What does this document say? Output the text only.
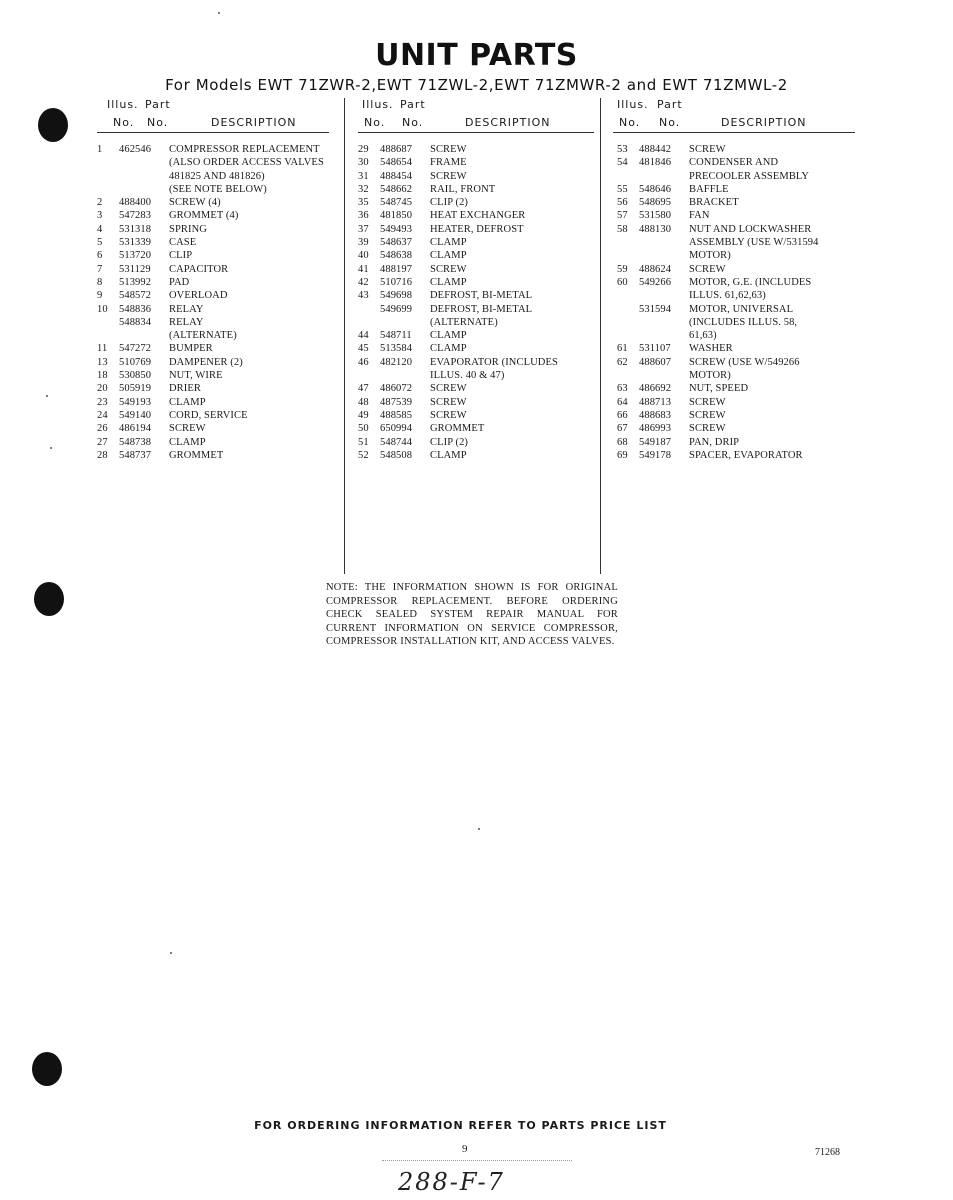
UNIT PARTS
For Models EWT 71ZWR-2,EWT 71ZWL-2,EWT 71ZMWR-2 and EWT 71ZMWL-2
Illus. Part
No. No.	DESCRIPTION
1	462546 COMPRESSOR REPLACEMENT
(ALSO ORDER ACCESS VALVES
481825 AND 481826)
(SEE NOTE BELOW)
2	488400 SCREW (4)
3	547283 GROMMET (4)
4	531318 SPRING
5	531339 CASE
6	513720 CLIP
7	531129 CAPACITOR
8	513992 PAD
9	548572 OVERLOAD
10	548836 RELAY
548834 RELAY
(ALTERNATE)
11	547272 BUMPER
13	510769 DAMPENER (2)
18	530850 NUT, WIRE
20	505919 DRIER
23	549193 CLAMP
24	549140 CORD, SERVICE
26	486194 SCREW
27	548738 CLAMP
28	548737 GROMMET
Illus. Part
No. No.	DESCRIPTION
29	488687 SCREW
30	548654 FRAME
31	488454 SCREW
32	548662 RAIL, FRONT
35	548745 CLIP (2)
36	481850 HEAT EXCHANGER
37	549493 HEATER, DEFROST
39	548637 CLAMP
40	548638 CLAMP
41	488197 SCREW
42	510716 CLAMP
43	549698 DEFROST, BI-METAL
549699 DEFROST, BI-METAL
(ALTERNATE)
44	548711 CLAMP
45	513584 CLAMP
46	482120 EVAPORATOR (INCLUDES
ILLUS. 40 & 47)
47	486072 SCREW
48	487539 SCREW
49	488585 SCREW
50	650994 GROMMET
51	548744 CLIP (2)
52	548508 CLAMP
Illus. Part
No. No.	DESCRIPTION
53	488442 SCREW
54	481846 CONDENSER AND
PRECOOLER ASSEMBLY
55	548646 BAFFLE
56	548695 BRACKET
57	531580 FAN
58	488130 NUT AND LOCKWASHER
ASSEMBLY (USE W/531594
MOTOR)
59	488624 SCREW
60	549266 MOTOR, G.E. (INCLUDES
ILLUS. 61,62,63)
531594 MOTOR, UNIVERSAL
(INCLUDES ILLUS. 58,
61,63)
61	531107 WASHER
62	488607 SCREW (USE W/549266
MOTOR)
63	486692 NUT, SPEED
64	488713 SCREW
66	488683 SCREW
67	486993 SCREW
68	549187 PAN, DRIP
69	549178 SPACER, EVAPORATOR
NOTE: THE INFORMATION SHOWN IS FOR ORIGINAL COMPRESSOR REPLACEMENT. BEFORE ORDERING CHECK SEALED SYSTEM REPAIR MANUAL FOR CURRENT INFORMATION ON SERVICE COMPRESSOR, COMPRESSOR INSTALLATION KIT, AND ACCESS VALVES.
FOR ORDERING INFORMATION REFER TO PARTS PRICE LIST
9	71268
288-F-7
